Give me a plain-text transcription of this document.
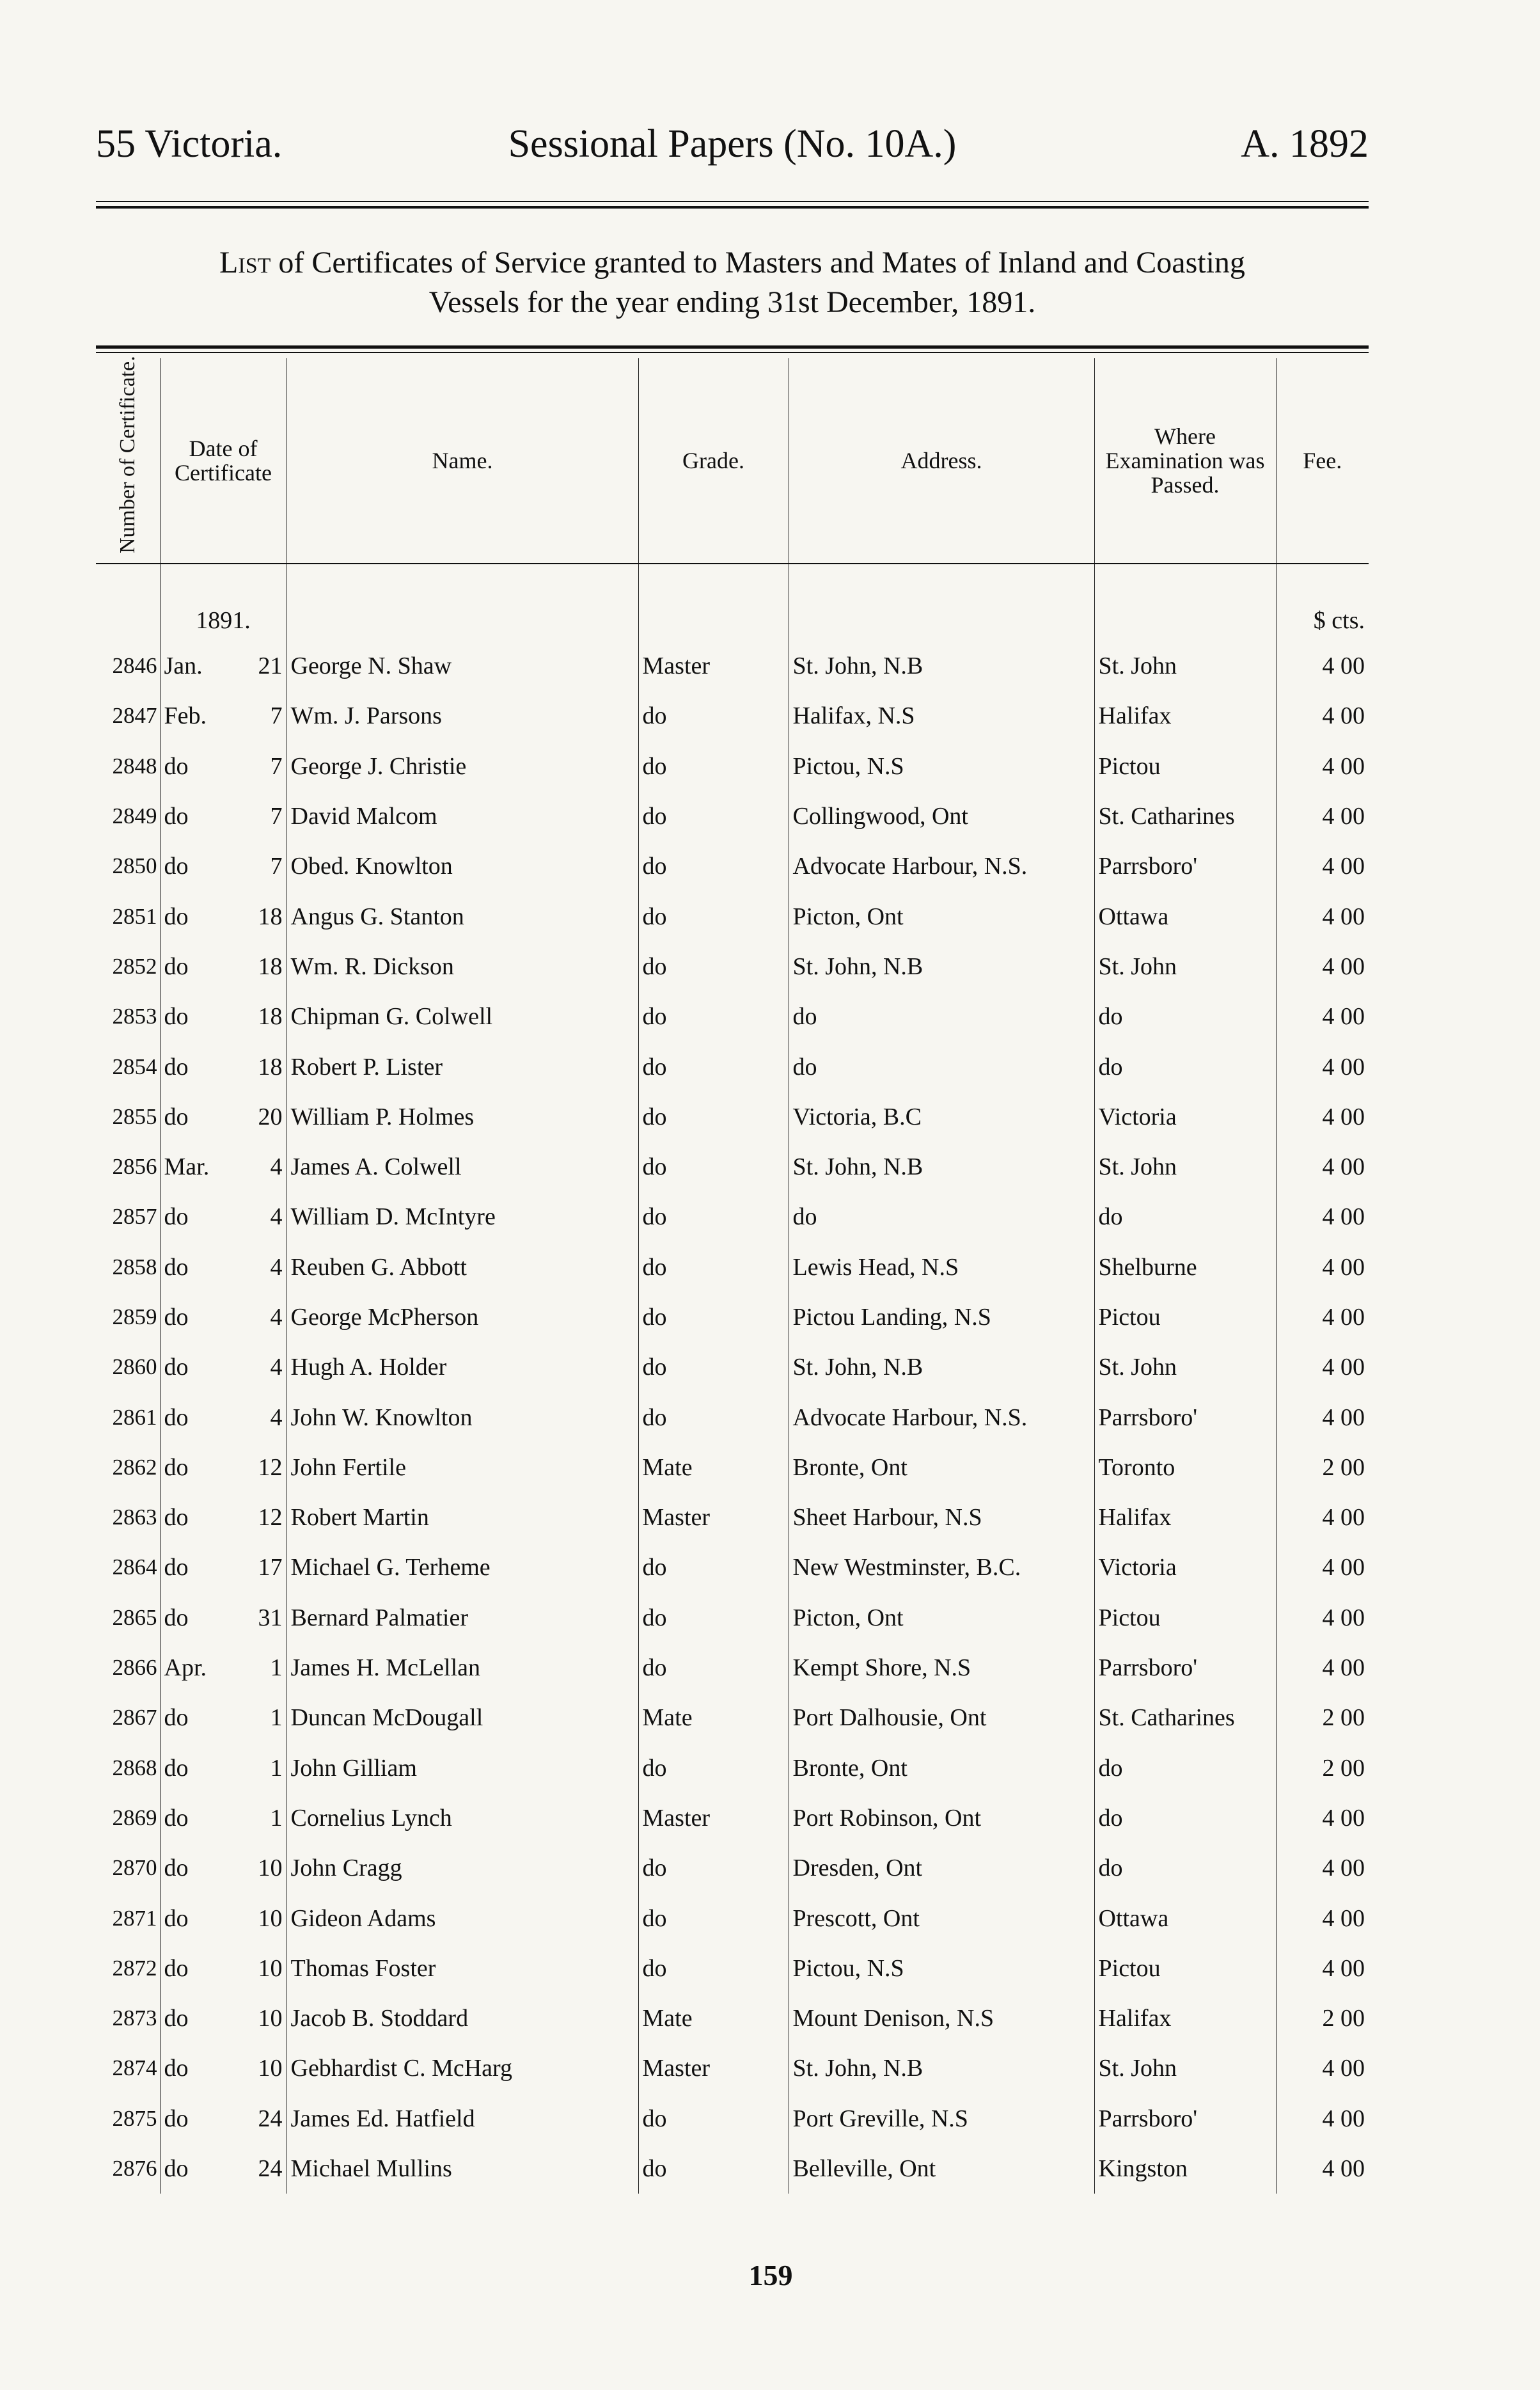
55 Victoria.	Sessional Papers (No. 10A.)	A. 1892
List of Certificates of Service granted to Masters and Mates of Inland and Coasting
Vessels for the year ending 31st December, 1891.
Number of Certificate.	Date of Certificate	Name.	Grade.	Address.	Where Examination was Passed.	Fee.
	1891.					$ cts.
2846	Jan. 21	George N. Shaw	Master	St. John, N.B	St. John	4 00
2847	Feb. 7	Wm. J. Parsons	do	Halifax, N.S	Halifax	4 00
2848	do 7	George J. Christie	do	Pictou, N.S	Pictou	4 00
2849	do 7	David Malcom	do	Collingwood, Ont	St. Catharines	4 00
2850	do 7	Obed. Knowlton	do	Advocate Harbour, N.S.	Parrsboro'	4 00
2851	do 18	Angus G. Stanton	do	Picton, Ont	Ottawa	4 00
2852	do 18	Wm. R. Dickson	do	St. John, N.B	St. John	4 00
2853	do 18	Chipman G. Colwell	do	do	do	4 00
2854	do 18	Robert P. Lister	do	do	do	4 00
2855	do 20	William P. Holmes	do	Victoria, B.C	Victoria	4 00
2856	Mar. 4	James A. Colwell	do	St. John, N.B	St. John	4 00
2857	do 4	William D. McIntyre	do	do	do	4 00
2858	do 4	Reuben G. Abbott	do	Lewis Head, N.S	Shelburne	4 00
2859	do 4	George McPherson	do	Pictou Landing, N.S	Pictou	4 00
2860	do 4	Hugh A. Holder	do	St. John, N.B	St. John	4 00
2861	do 4	John W. Knowlton	do	Advocate Harbour, N.S.	Parrsboro'	4 00
2862	do 12	John Fertile	Mate	Bronte, Ont	Toronto	2 00
2863	do 12	Robert Martin	Master	Sheet Harbour, N.S	Halifax	4 00
2864	do 17	Michael G. Terheme	do	New Westminster, B.C.	Victoria	4 00
2865	do 31	Bernard Palmatier	do	Picton, Ont	Pictou	4 00
2866	Apr. 1	James H. McLellan	do	Kempt Shore, N.S	Parrsboro'	4 00
2867	do 1	Duncan McDougall	Mate	Port Dalhousie, Ont	St. Catharines	2 00
2868	do 1	John Gilliam	do	Bronte, Ont	do	2 00
2869	do 1	Cornelius Lynch	Master	Port Robinson, Ont	do	4 00
2870	do 10	John Cragg	do	Dresden, Ont	do	4 00
2871	do 10	Gideon Adams	do	Prescott, Ont	Ottawa	4 00
2872	do 10	Thomas Foster	do	Pictou, N.S	Pictou	4 00
2873	do 10	Jacob B. Stoddard	Mate	Mount Denison, N.S	Halifax	2 00
2874	do 10	Gebhardist C. McHarg	Master	St. John, N.B	St. John	4 00
2875	do 24	James Ed. Hatfield	do	Port Greville, N.S	Parrsboro'	4 00
2876	do 24	Michael Mullins	do	Belleville, Ont	Kingston	4 00
159
